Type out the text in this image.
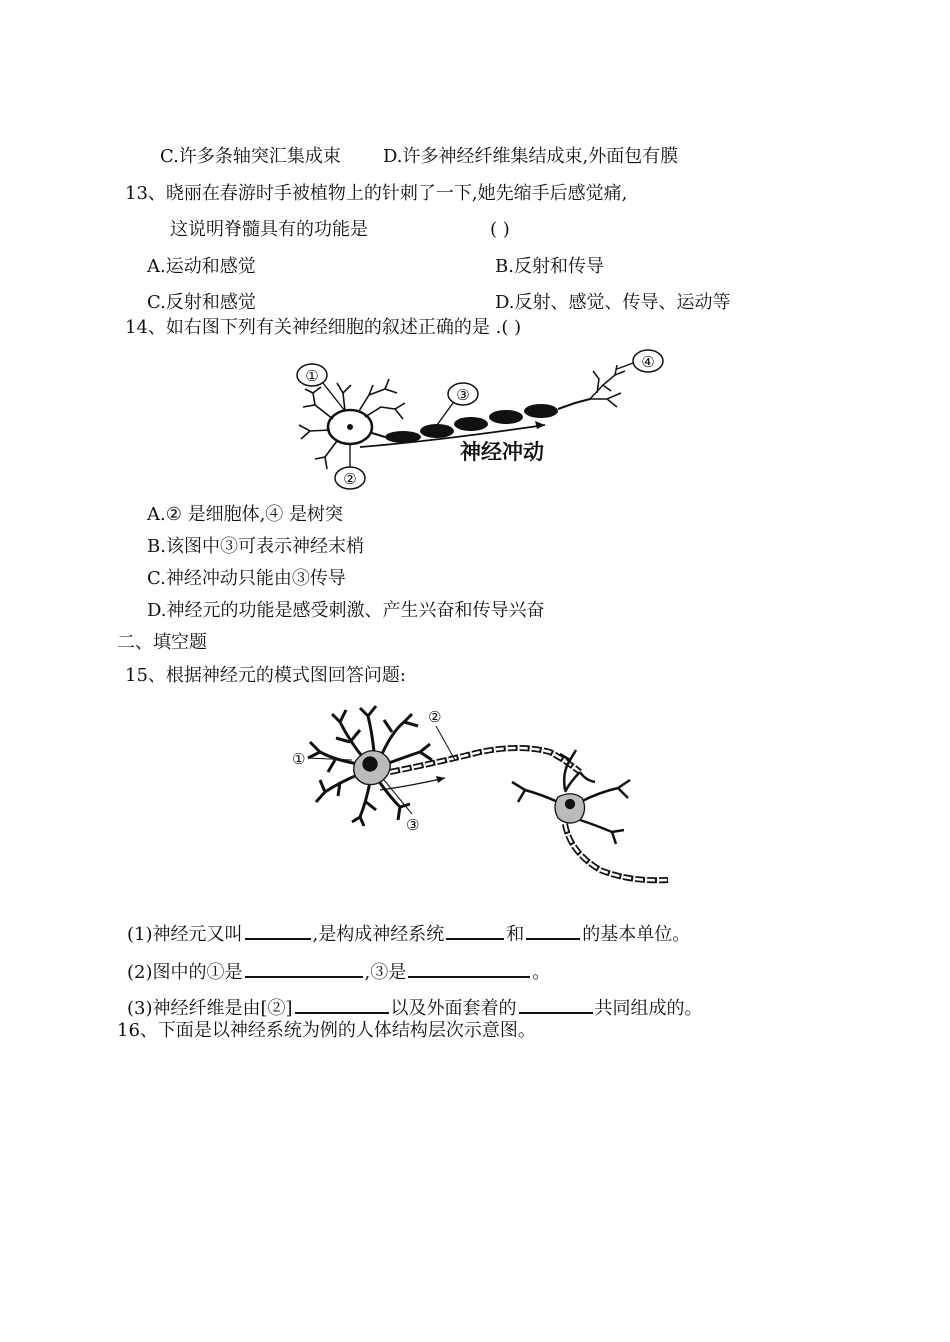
C.许多条轴突汇集成束 D.许多神经纤维集结成束,外面包有膜
13、晓丽在春游时手被植物上的针刺了一下,她先缩手后感觉痛,
这说明脊髓具有的功能是	( )
A.运动和感觉	B.反射和传导
C.反射和感觉	D.反射、感觉、传导、运动等
14、如右图下列有关神经细胞的叙述正确的是 .( )
神经冲动
①
②
③
④
A.② 是细胞体,④ 是树突
B.该图中③可表示神经末梢
C.神经冲动只能由③传导
D.神经元的功能是感受刺激、产生兴奋和传导兴奋
二、填空题
15、根据神经元的模式图回答问题:
①
②
③
(1)神经元又叫	,是构成神经系统	和	的基本单位。
(2)图中的①是	,③是	。
(3)神经纤维是由[②]	以及外面套着的	共同组成的。
16、下面是以神经系统为例的人体结构层次示意图。
